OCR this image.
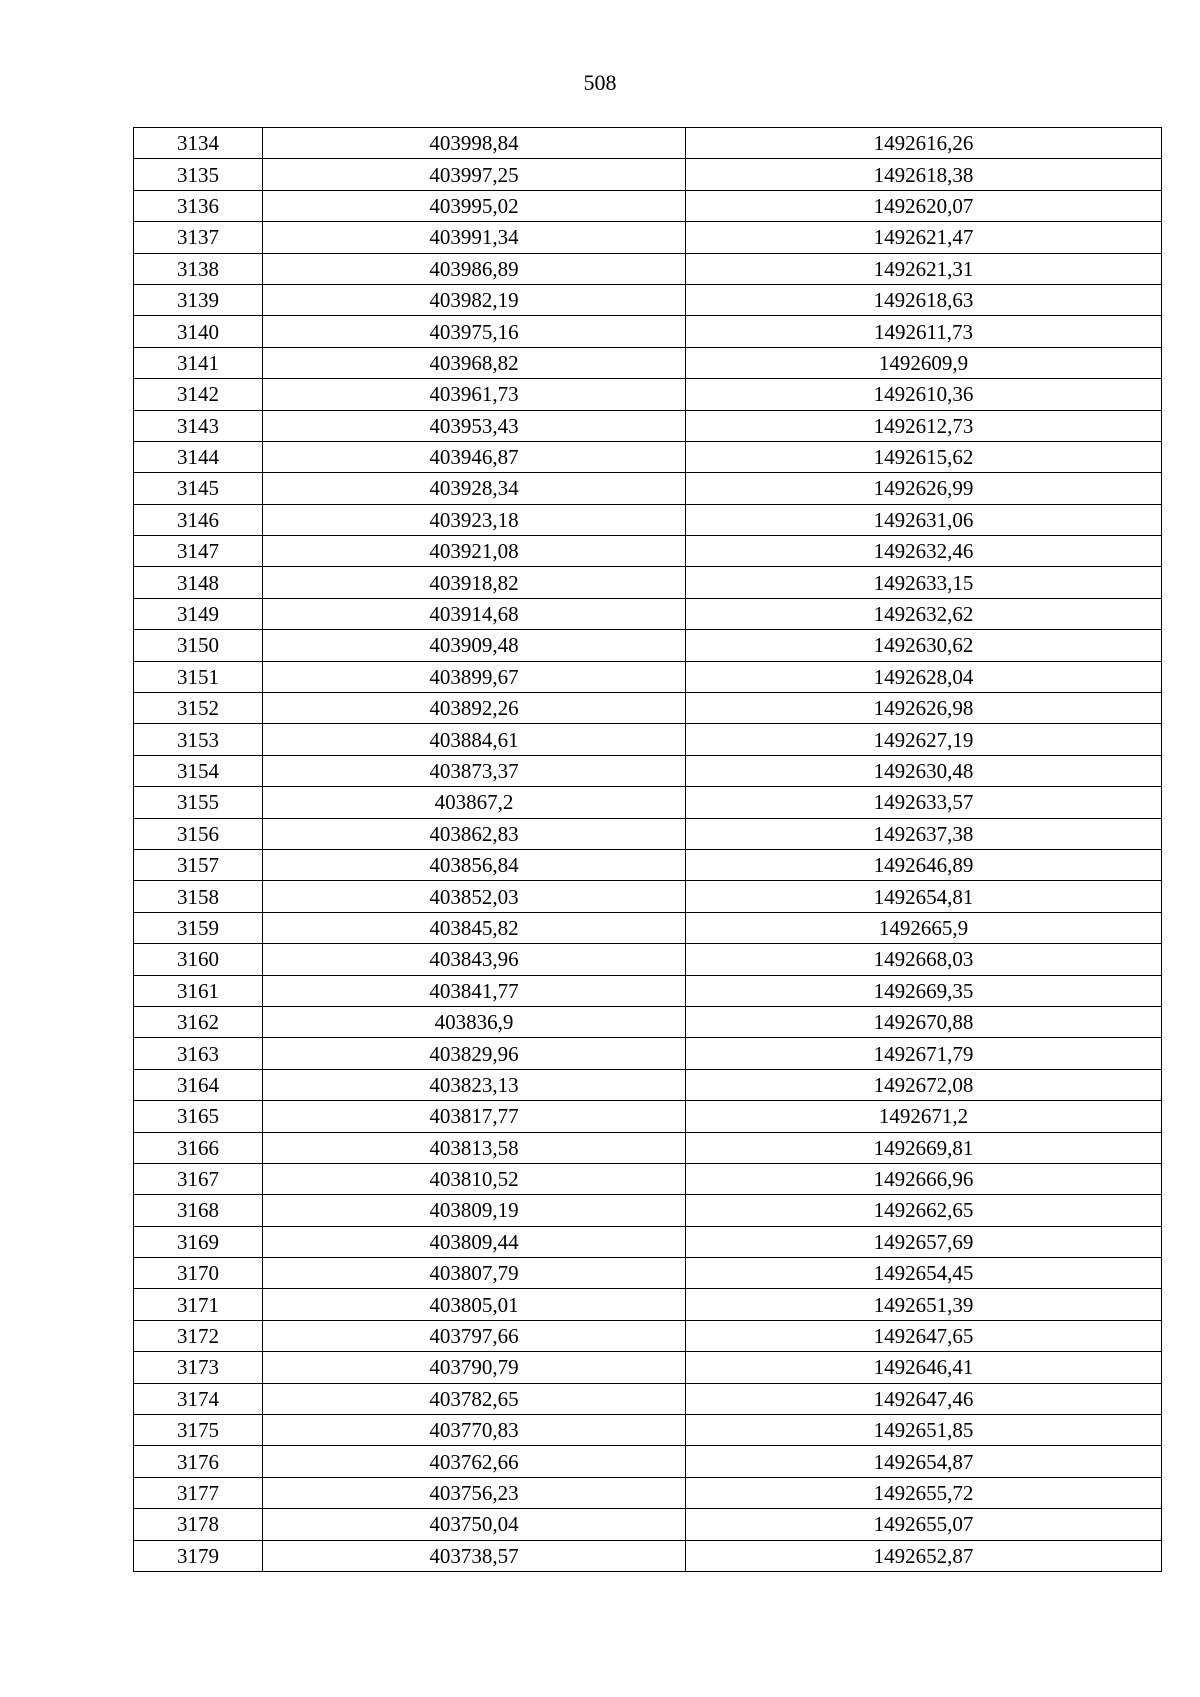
508
3134	403998,84	1492616,26
3135	403997,25	1492618,38
3136	403995,02	1492620,07
3137	403991,34	1492621,47
3138	403986,89	1492621,31
3139	403982,19	1492618,63
3140	403975,16	1492611,73
3141	403968,82	1492609,9
3142	403961,73	1492610,36
3143	403953,43	1492612,73
3144	403946,87	1492615,62
3145	403928,34	1492626,99
3146	403923,18	1492631,06
3147	403921,08	1492632,46
3148	403918,82	1492633,15
3149	403914,68	1492632,62
3150	403909,48	1492630,62
3151	403899,67	1492628,04
3152	403892,26	1492626,98
3153	403884,61	1492627,19
3154	403873,37	1492630,48
3155	403867,2	1492633,57
3156	403862,83	1492637,38
3157	403856,84	1492646,89
3158	403852,03	1492654,81
3159	403845,82	1492665,9
3160	403843,96	1492668,03
3161	403841,77	1492669,35
3162	403836,9	1492670,88
3163	403829,96	1492671,79
3164	403823,13	1492672,08
3165	403817,77	1492671,2
3166	403813,58	1492669,81
3167	403810,52	1492666,96
3168	403809,19	1492662,65
3169	403809,44	1492657,69
3170	403807,79	1492654,45
3171	403805,01	1492651,39
3172	403797,66	1492647,65
3173	403790,79	1492646,41
3174	403782,65	1492647,46
3175	403770,83	1492651,85
3176	403762,66	1492654,87
3177	403756,23	1492655,72
3178	403750,04	1492655,07
3179	403738,57	1492652,87
